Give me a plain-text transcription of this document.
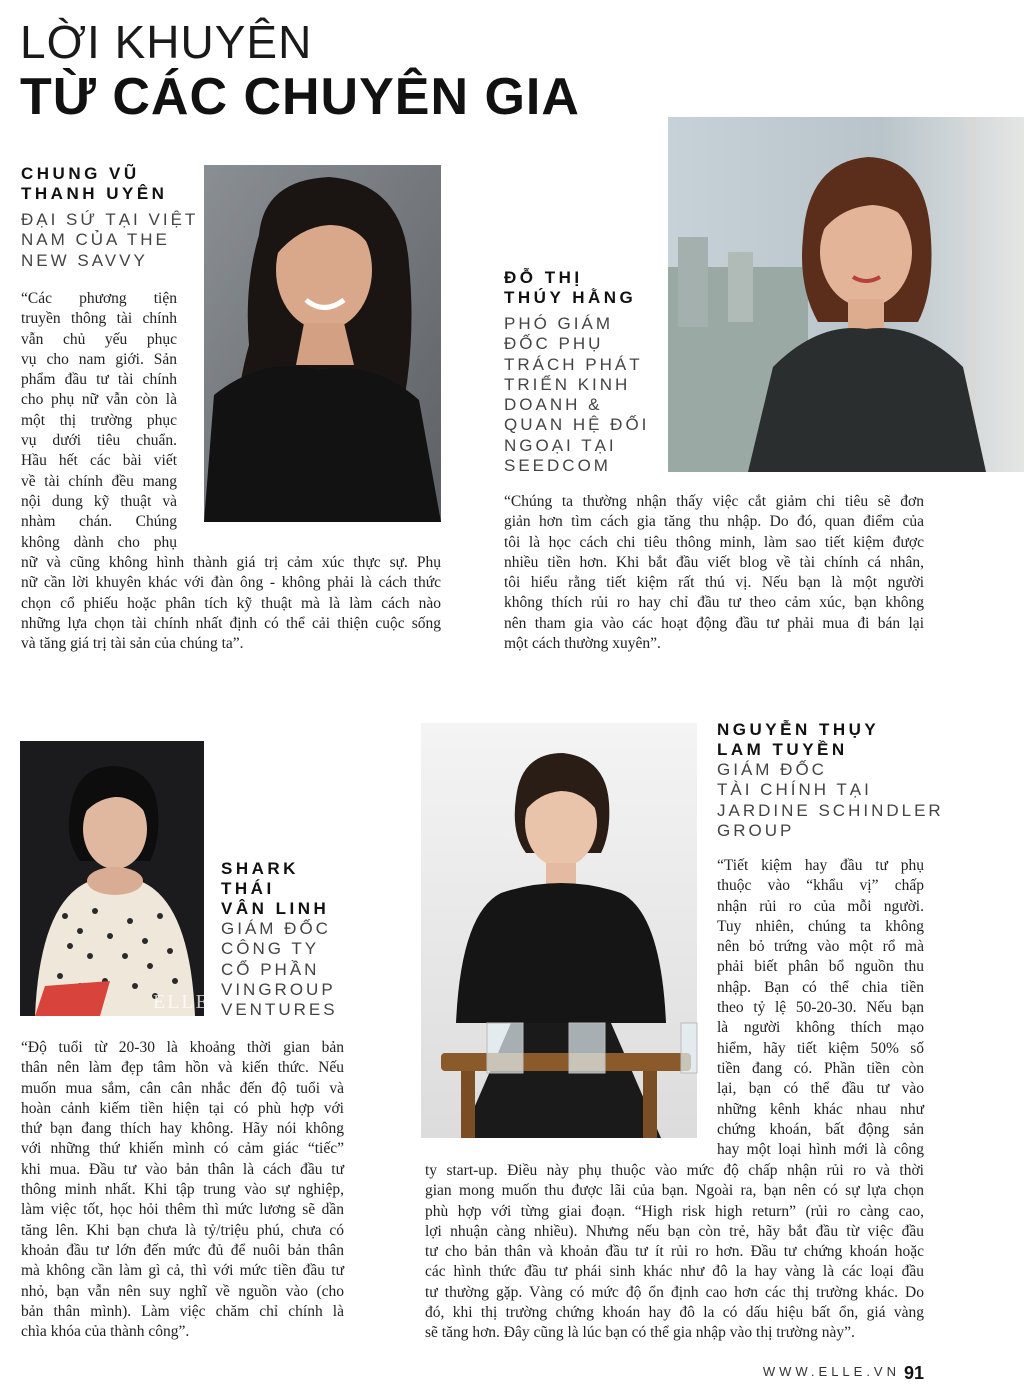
LỜI KHUYÊN
TỪ CÁC CHUYÊN GIA
CHUNG VŨ
THANH UYÊN
ĐẠI SỨ TẠI VIỆT
NAM CỦA THE
NEW SAVVY
“Các phương tiện
truyền thông tài chính
vẫn chủ yếu phục
vụ cho nam giới. Sản
phẩm đầu tư tài chính
cho phụ nữ vẫn còn là
một thị trường phục
vụ dưới tiêu chuẩn.
Hầu hết các bài viết
về tài chính đều mang
nội dung kỹ thuật và
nhàm chán. Chúng
không dành cho phụ
nữ và cũng không hình thành giá trị cảm xúc thực sự. Phụ
nữ cần lời khuyên khác với đàn ông - không phải là cách thức
chọn cổ phiếu hoặc phân tích kỹ thuật mà là làm cách nào
những lựa chọn tài chính nhất định có thể cải thiện cuộc sống
và tăng giá trị tài sản của chúng ta”.
ĐỖ THỊ
THÚY HẰNG
PHÓ GIÁM
ĐỐC PHỤ
TRÁCH PHÁT
TRIỂN KINH
DOANH &
QUAN HỆ ĐỐI
NGOẠI TẠI
SEEDCOM
“Chúng ta thường nhận thấy việc cắt giảm chi tiêu sẽ đơn
giản hơn tìm cách gia tăng thu nhập. Do đó, quan điểm của
tôi là học cách chi tiêu thông minh, làm sao tiết kiệm được
nhiều tiền hơn. Khi bắt đầu viết blog về tài chính cá nhân,
tôi hiểu rằng tiết kiệm rất thú vị. Nếu bạn là một người
không thích rủi ro hay chỉ đầu tư theo cảm xúc, bạn không
nên tham gia vào các hoạt động đầu tư phải mua đi bán lại
một cách thường xuyên”.
ELLE
SHARK
THÁI
VÂN LINH
GIÁM ĐỐC
CÔNG TY
CỔ PHẦN
VINGROUP
VENTURES
“Độ tuổi từ 20-30 là khoảng thời gian bản
thân nên làm đẹp tâm hồn và kiến thức. Nếu
muốn mua sắm, cân cân nhắc đến độ tuổi và
hoàn cảnh kiếm tiền hiện tại có phù hợp với
thứ bạn đang thích hay không. Hãy nói không
với những thứ khiến mình có cảm giác “tiếc”
khi mua. Đầu tư vào bản thân là cách đầu tư
thông minh nhất. Khi tập trung vào sự nghiệp,
làm việc tốt, học hỏi thêm thì mức lương sẽ dần
tăng lên. Khi bạn chưa là tỷ/triệu phú, chưa có
khoản đầu tư lớn đến mức đủ để nuôi bản thân
mà không cần làm gì cả, thì với mức tiền đầu tư
nhỏ, bạn vẫn nên suy nghĩ về nguồn vào (cho
bản thân mình). Làm việc chăm chỉ chính là
chìa khóa của thành công”.
NGUYỄN THỤY
LAM TUYỀN
GIÁM ĐỐC
TÀI CHÍNH TẠI
JARDINE SCHINDLER
GROUP
“Tiết kiệm hay đầu tư phụ
thuộc vào “khẩu vị” chấp
nhận rủi ro của mỗi người.
Tuy nhiên, chúng ta không
nên bỏ trứng vào một rổ mà
phải biết phân bổ nguồn thu
nhập. Bạn có thể chia tiền
theo tỷ lệ 50-20-30. Nếu bạn
là người không thích mạo
hiểm, hãy tiết kiệm 50% số
tiền đang có. Phần tiền còn
lại, bạn có thể đầu tư vào
những kênh khác nhau như
chứng khoán, bất động sản
hay một loại hình mới là công
ty start-up. Điều này phụ thuộc vào mức độ chấp nhận rủi ro và thời
gian mong muốn thu được lãi của bạn. Ngoài ra, bạn nên có sự lựa chọn
phù hợp với từng giai đoạn. “High risk high return” (rủi ro càng cao,
lợi nhuận càng nhiều). Nhưng nếu bạn còn trẻ, hãy bắt đầu từ việc đầu
tư cho bản thân và khoản đầu tư ít rủi ro hơn. Đầu tư chứng khoán hoặc
các hình thức đầu tư phái sinh khác như đô la hay vàng là các loại đầu
tư thường gặp. Vàng có mức độ ổn định cao hơn các thị trường khác. Do
đó, khi thị trường chứng khoán hay đô la có dấu hiệu bất ổn, giá vàng
sẽ tăng hơn. Đây cũng là lúc bạn có thể gia nhập vào thị trường này”.
WWW.ELLE.VN 91
